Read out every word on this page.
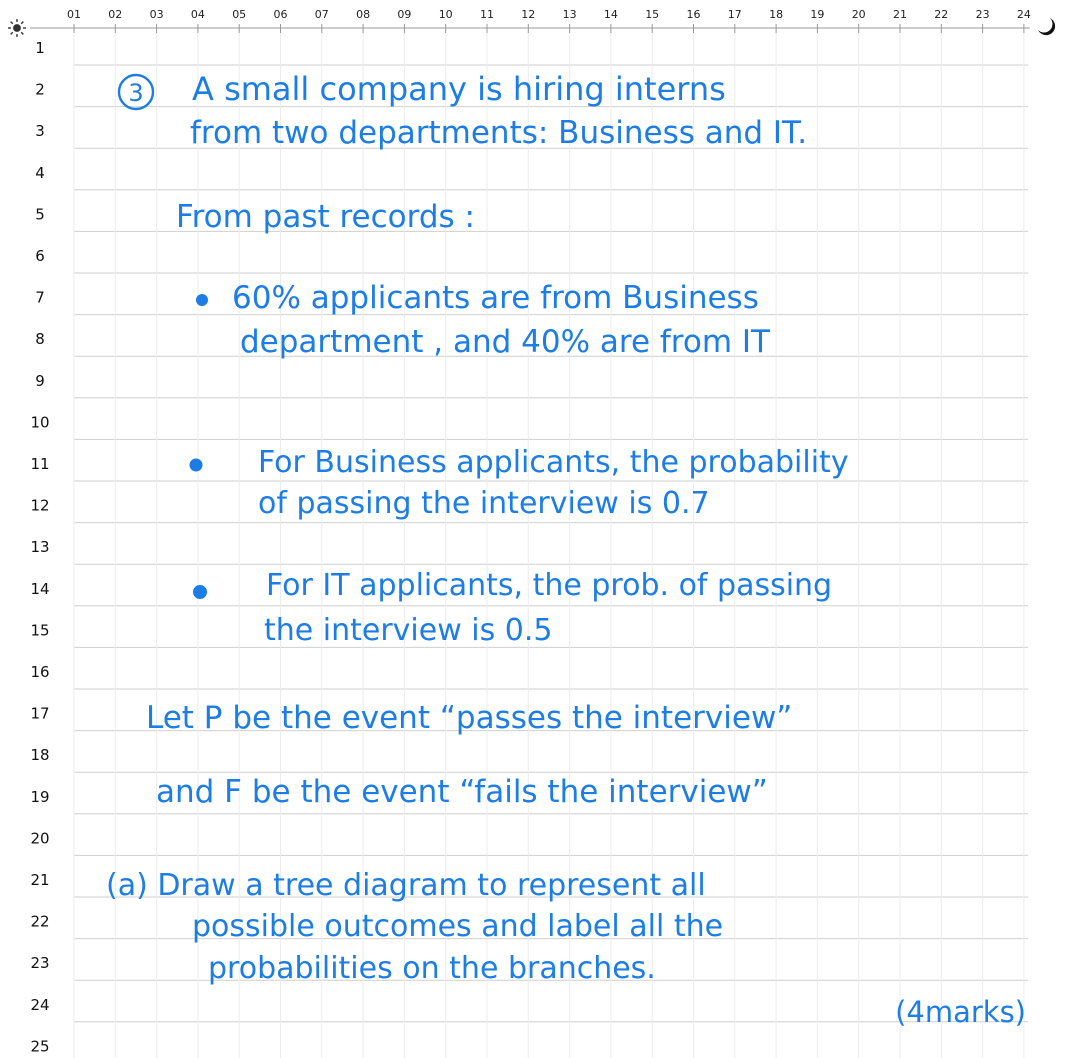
01 02 03 04 05 06 07 08 09 10 11 12 13 14 15 16 17 18 19 20 21 22 23 24
1
2
3
4
5
6
7
8
9
10
11
12
13
14
15
16
17
18
19
20
21
22
23
24
25
3 A small company is hiring interns
from two departments: Business and IT.
From past records :
60% applicants are from Business
department , and 40% are from IT
For Business applicants, the probability
of passing the interview is 0.7
For IT applicants, the prob. of passing
the interview is 0.5
Let P be the event “passes the interview”
and F be the event “fails the interview”
(a) Draw a tree diagram to represent all
possible outcomes and label all the
probabilities on the branches.
(4marks)
